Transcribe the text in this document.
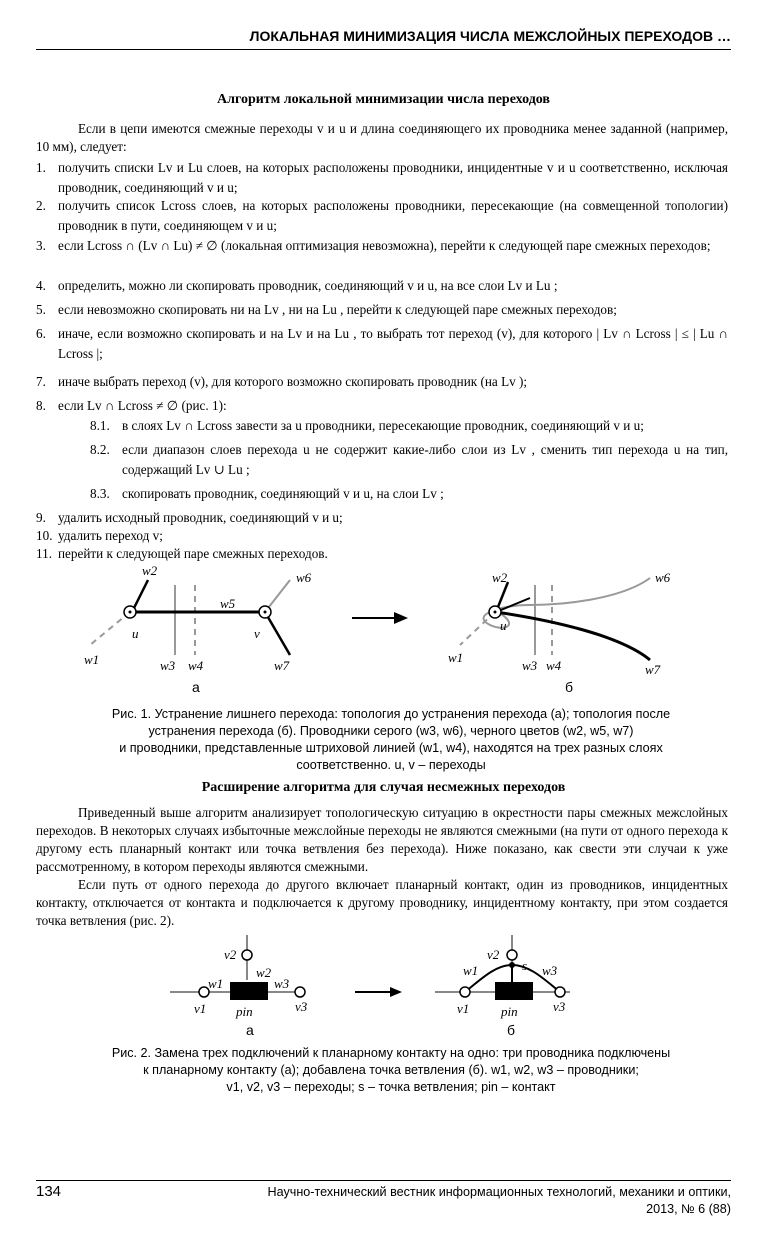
ЛОКАЛЬНАЯ МИНИМИЗАЦИЯ ЧИСЛА МЕЖСЛОЙНЫХ ПЕРЕХОДОВ …
Алгоритм локальной минимизации числа переходов
Если в цепи имеются смежные переходы v и u и длина соединяющего их проводника менее заданной (например, 10 мм), следует:
1. получить списки Lv и Lu слоев, на которых расположены проводники, инцидентные v и u соответственно, исключая проводник, соединяющий v и u;
2. получить список Lcross слоев, на которых расположены проводники, пересекающие (на совмещенной топологии) проводник в пути, соединяющем v и u;
3. если Lcross ∩ (Lv ∩ Lu) ≠ ∅ (локальная оптимизация невозможна), перейти к следующей паре смежных переходов;
4. определить, можно ли скопировать проводник, соединяющий v и u, на все слои Lv и Lu ;
5. если невозможно скопировать ни на Lv , ни на Lu , перейти к следующей паре смежных переходов;
6. иначе, если возможно скопировать и на Lv и на Lu , то выбрать тот переход (v), для которого | Lv ∩ Lcross | ≤ | Lu ∩ Lcross |;
7. иначе выбрать переход (v), для которого возможно скопировать проводник (на Lv );
8. если Lv ∩ Lcross ≠ ∅ (рис. 1):
8.1. в слоях Lv ∩ Lcross завести за u проводники, пересекающие проводник, соединяющий v и u;
8.2. если диапазон слоев перехода u не содержит какие-либо слои из Lv , сменить тип перехода u на тип, содержащий Lv ∪ Lu ;
8.3. скопировать проводник, соединяющий v и u, на слои Lv ;
9. удалить исходный проводник, соединяющий v и u;
10. удалить переход v;
11. перейти к следующей паре смежных переходов.
w2	w6
w5
u	v
w1	w3 w4	w7
а
w2	w6
u
w1
w3 w4	w7
б
Рис. 1. Устранение лишнего перехода: топология до устранения перехода (а); топология после
устранения перехода (б). Проводники серого (w3, w6), черного цветов (w2, w5, w7)
и проводники, представленные штриховой линией (w1, w4), находятся на трех разных слоях
соответственно. u, v – переходы
Расширение алгоритма для случая несмежных переходов
Приведенный выше алгоритм анализирует топологическую ситуацию в окрестности пары смежных межслойных переходов. В некоторых случаях избыточные межслойные переходы не являются смежными (на пути от одного перехода к другому есть планарный контакт или точка ветвления без перехода). Ниже показано, как свести эти случаи к уже рассмотренному, в котором переходы являются смежными.
Если путь от одного перехода до другого включает планарный контакт, один из проводников, инцидентных контакту, отключается от контакта и подключается к другому проводнику, инцидентному контакту, при этом создается точка ветвления (рис. 2).
v2
w2
w1	w3
v1 pin	v3
а
v2
s
w1	w3
v1 pin	v3
б
Рис. 2. Замена трех подключений к планарному контакту на одно: три проводника подключены
к планарному контакту (а); добавлена точка ветвления (б). w1, w2, w3 – проводники;
v1, v2, v3 – переходы; s – точка ветвления; pin – контакт
134	Научно-технический вестник информационных технологий, механики и оптики,
2013, № 6 (88)
